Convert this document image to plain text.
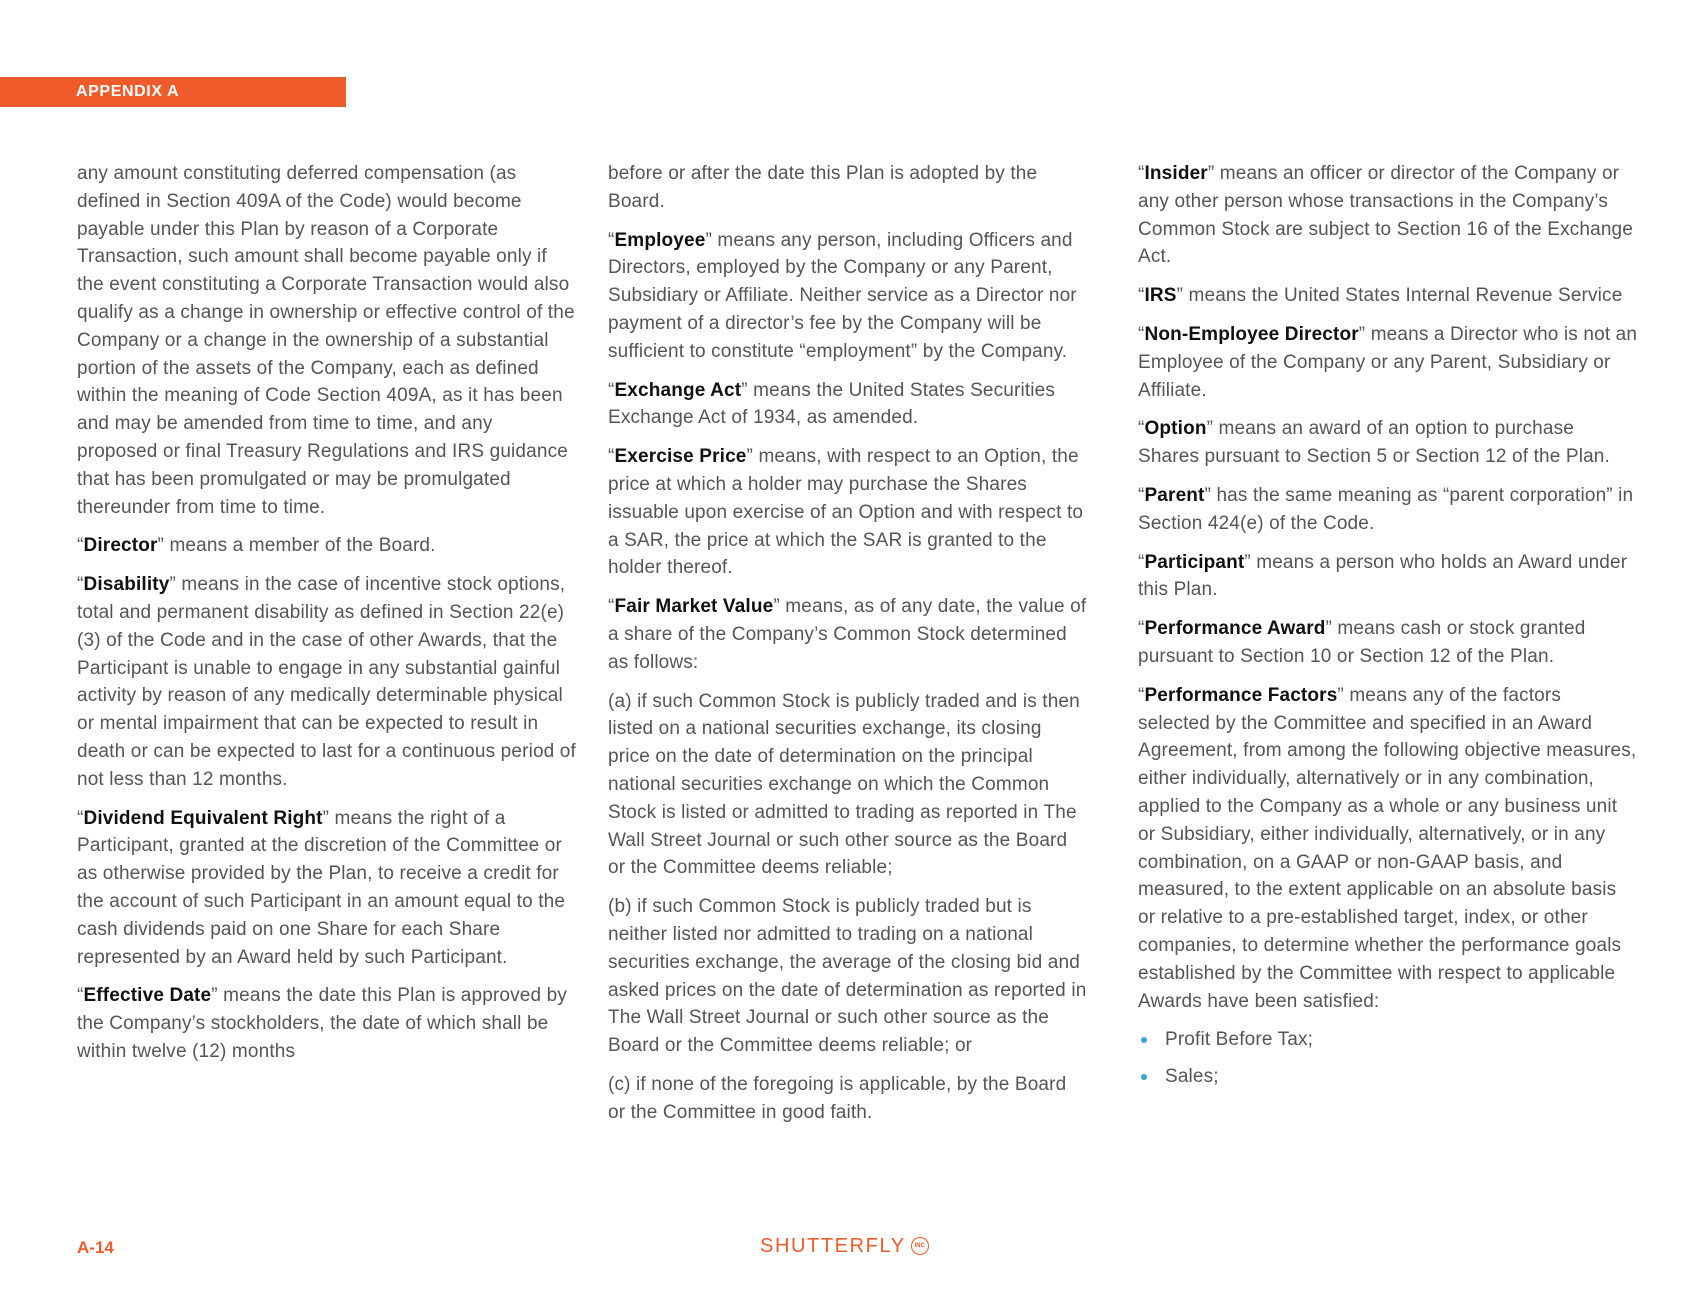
APPENDIX A

any amount constituting deferred compensation (as defined in Section 409A of the Code) would become payable under this Plan by reason of a Corporate Transaction, such amount shall become payable only if the event constituting a Corporate Transaction would also qualify as a change in ownership or effective control of the Company or a change in the ownership of a substantial portion of the assets of the Company, each as defined within the meaning of Code Section 409A, as it has been and may be amended from time to time, and any proposed or final Treasury Regulations and IRS guidance that has been promulgated or may be promulgated thereunder from time to time.

“Director” means a member of the Board.

“Disability” means in the case of incentive stock options, total and permanent disability as defined in Section 22(e)(3) of the Code and in the case of other Awards, that the Participant is unable to engage in any substantial gainful activity by reason of any medically determinable physical or mental impairment that can be expected to result in death or can be expected to last for a continuous period of not less than 12 months.

“Dividend Equivalent Right” means the right of a Participant, granted at the discretion of the Committee or as otherwise provided by the Plan, to receive a credit for the account of such Participant in an amount equal to the cash dividends paid on one Share for each Share represented by an Award held by such Participant.

“Effective Date” means the date this Plan is approved by the Company’s stockholders, the date of which shall be within twelve (12) months

before or after the date this Plan is adopted by the Board.

“Employee” means any person, including Officers and Directors, employed by the Company or any Parent, Subsidiary or Affiliate. Neither service as a Director nor payment of a director’s fee by the Company will be sufficient to constitute “employment” by the Company.

“Exchange Act” means the United States Securities Exchange Act of 1934, as amended.

“Exercise Price” means, with respect to an Option, the price at which a holder may purchase the Shares issuable upon exercise of an Option and with respect to a SAR, the price at which the SAR is granted to the holder thereof.

“Fair Market Value” means, as of any date, the value of a share of the Company’s Common Stock determined as follows:

(a) if such Common Stock is publicly traded and is then listed on a national securities exchange, its closing price on the date of determination on the principal national securities exchange on which the Common Stock is listed or admitted to trading as reported in The Wall Street Journal or such other source as the Board or the Committee deems reliable;

(b) if such Common Stock is publicly traded but is neither listed nor admitted to trading on a national securities exchange, the average of the closing bid and asked prices on the date of determination as reported in The Wall Street Journal or such other source as the Board or the Committee deems reliable; or

(c) if none of the foregoing is applicable, by the Board or the Committee in good faith.

“Insider” means an officer or director of the Company or any other person whose transactions in the Company’s Common Stock are subject to Section 16 of the Exchange Act.

“IRS” means the United States Internal Revenue Service

“Non-Employee Director” means a Director who is not an Employee of the Company or any Parent, Subsidiary or Affiliate.

“Option” means an award of an option to purchase Shares pursuant to Section 5 or Section 12 of the Plan.

“Parent” has the same meaning as “parent corporation” in Section 424(e) of the Code.

“Participant” means a person who holds an Award under this Plan.

“Performance Award” means cash or stock granted pursuant to Section 10 or Section 12 of the Plan.

“Performance Factors” means any of the factors selected by the Committee and specified in an Award Agreement, from among the following objective measures, either individually, alternatively or in any combination, applied to the Company as a whole or any business unit or Subsidiary, either individually, alternatively, or in any combination, on a GAAP or non-GAAP basis, and measured, to the extent applicable on an absolute basis or relative to a pre-established target, index, or other companies, to determine whether the performance goals established by the Committee with respect to applicable Awards have been satisfied:

Profit Before Tax;
Sales;
A-14	SHUTTERFLY	INC
